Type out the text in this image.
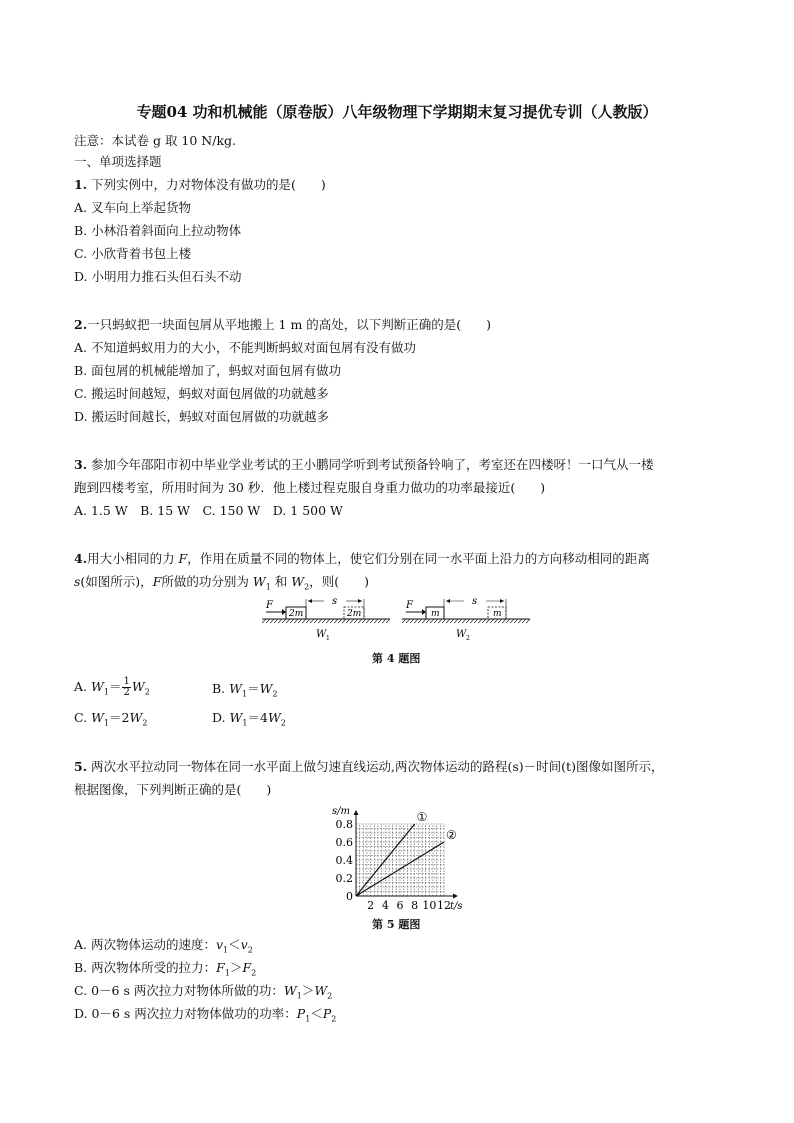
专题04 功和机械能（原卷版）八年级物理下学期期末复习提优专训（人教版）
注意：本试卷 g 取 10 N/kg.
一、单项选择题
1. 下列实例中，力对物体没有做功的是(　　)
A. 叉车向上举起货物
B. 小林沿着斜面向上拉动物体
C. 小欣背着书包上楼
D. 小明用力推石头但石头不动
2.一只蚂蚁把一块面包屑从平地搬上 1 m 的高处，以下判断正确的是(　　)
A. 不知道蚂蚁用力的大小，不能判断蚂蚁对面包屑有没有做功
B. 面包屑的机械能增加了，蚂蚁对面包屑有做功
C. 搬运时间越短，蚂蚁对面包屑做的功就越多
D. 搬运时间越长，蚂蚁对面包屑做的功就越多
3. 参加今年邵阳市初中毕业学业考试的王小鹏同学听到考试预备铃响了，考室还在四楼呀！一口气从一楼
跑到四楼考室，所用时间为 30 秒．他上楼过程克服自身重力做功的功率最接近(　　)
A. 1.5 W　B. 15 W　C. 150 W　D. 1 500 W
4.用大小相同的力 F，作用在质量不同的物体上，使它们分别在同一水平面上沿力的方向移动相同的距离
s(如图所示)，F所做的功分别为 $W_1$ 和 $W_2$，则(　　)
F
2m
s
2m
W 1
F
m
s
m
W 2
第 4 题图
A. $W_1= \frac{1}{2} W_2$	B. $W_1=W_2$
C. $W_1=2W_2$	D. $W_1=4W_2$
5. 两次水平拉动同一物体在同一水平面上做匀速直线运动,两次物体运动的路程(s)－时间(t)图像如图所示，
根据图像，下列判断正确的是(　　)
①
②
0.8
0.6
0.4
0.2
0
2 4 6 8 10 12
s/m
t/s
第 5 题图
A. 两次物体运动的速度：$v_1<v_2$
B. 两次物体所受的拉力：$F_1>F_2$
C. 0－6 s 两次拉力对物体所做的功：$W_1>W_2$
D. 0－6 s 两次拉力对物体做功的功率：$P_1<P_2$
